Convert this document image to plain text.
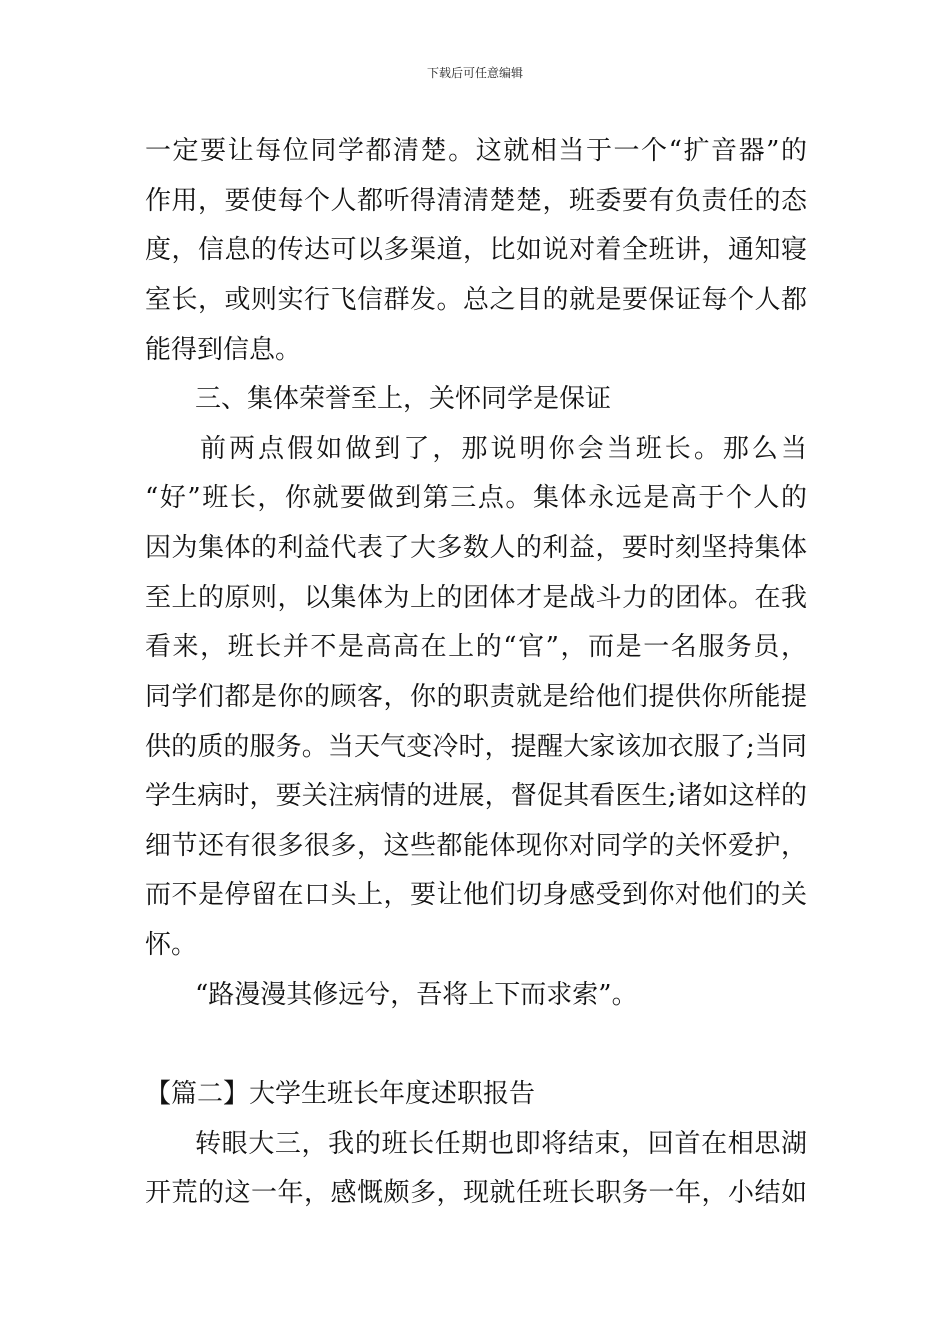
下载后可任意编辑
一定要让每位同学都清楚。这就相当于一个“扩音器”的
作用，要使每个人都听得清清楚楚，班委要有负责任的态
度，信息的传达可以多渠道，比如说对着全班讲，通知寝
室长，或则实行飞信群发。总之目的就是要保证每个人都
能得到信息。
三、集体荣誉至上，关怀同学是保证
前两点假如做到了，那说明你会当班长。那么当
“好”班长，你就要做到第三点。集体永远是高于个人的
因为集体的利益代表了大多数人的利益，要时刻坚持集体
至上的原则，以集体为上的团体才是战斗力的团体。在我
看来，班长并不是高高在上的“官”，而是一名服务员，
同学们都是你的顾客，你的职责就是给他们提供你所能提
供的质的服务。当天气变冷时，提醒大家该加衣服了;当同
学生病时，要关注病情的进展，督促其看医生;诸如这样的
细节还有很多很多，这些都能体现你对同学的关怀爱护，
而不是停留在口头上，要让他们切身感受到你对他们的关
怀。
“路漫漫其修远兮，吾将上下而求索”。
【篇二】大学生班长年度述职报告
转眼大三，我的班长任期也即将结束，回首在相思湖
开荒的这一年，感慨颇多，现就任班长职务一年，小结如
